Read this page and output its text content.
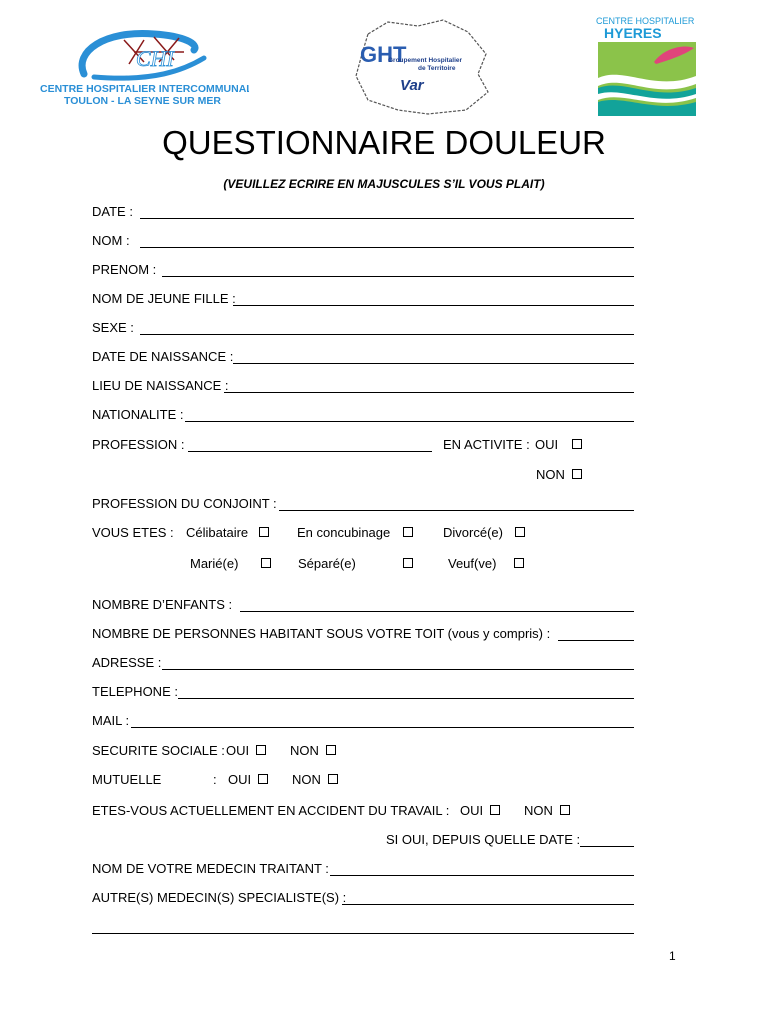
CHI
CENTRE HOSPITALIER INTERCOMMUNAL
TOULON - LA SEYNE SUR MER
GHT
Groupement Hospitalier
de Territoire
Var
CENTRE HOSPITALIER
HYERES
QUESTIONNAIRE DOULEUR
(VEUILLEZ ECRIRE EN MAJUSCULES S’IL VOUS PLAIT)
DATE :
NOM :
PRENOM :
NOM DE JEUNE FILLE :
SEXE :
DATE DE NAISSANCE :
LIEU DE NAISSANCE :
NATIONALITE :
PROFESSION :	EN ACTIVITE : OUI
NON
PROFESSION DU CONJOINT :
VOUS ETES : Célibataire	En concubinage	Divorcé(e)
Marié(e)	Séparé(e)	Veuf(ve)
NOMBRE D’ENFANTS :
NOMBRE DE PERSONNES HABITANT SOUS VOTRE TOIT (vous y compris) :
ADRESSE :
TELEPHONE :
MAIL :
SECURITE SOCIALE : OUI	NON
MUTUELLE	: OUI	NON
ETES-VOUS ACTUELLEMENT EN ACCIDENT DU TRAVAIL : OUI	NON
SI OUI, DEPUIS QUELLE DATE :
NOM DE VOTRE MEDECIN TRAITANT :
AUTRE(S) MEDECIN(S) SPECIALISTE(S) :
1
